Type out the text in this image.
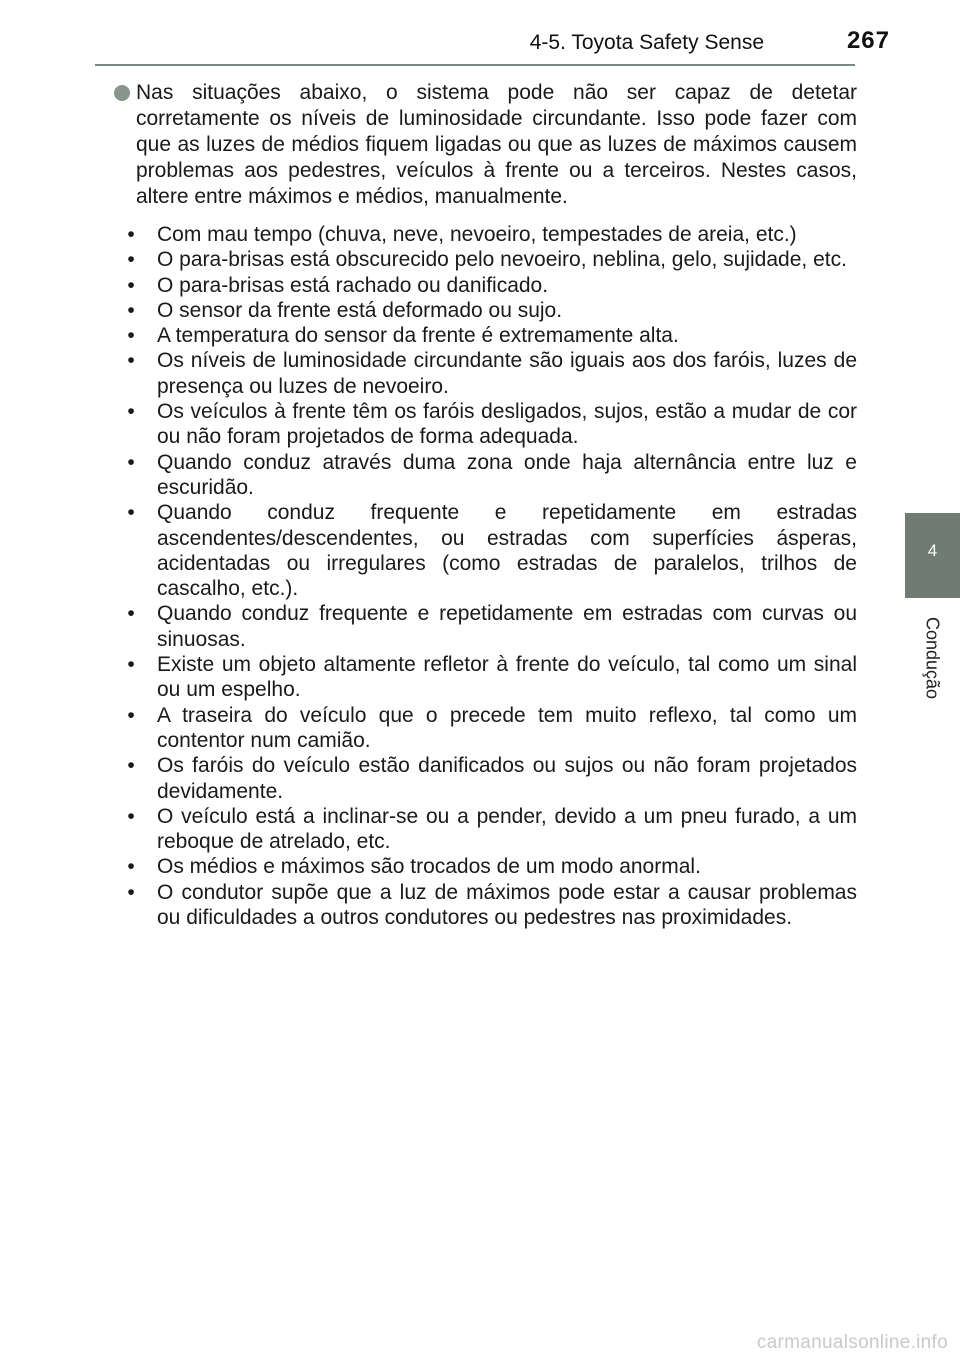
4-5. Toyota Safety Sense	267
4
Condução
Nas situações abaixo, o sistema pode não ser capaz de detetar corretamente os níveis de luminosidade circundante. Isso pode fazer com que as luzes de médios fiquem ligadas ou que as luzes de máximos causem problemas aos pedestres, veículos à frente ou a terceiros. Nestes casos, altere entre máximos e médios, manualmente.
•	Com mau tempo (chuva, neve, nevoeiro, tempestades de areia, etc.)
•	O para-brisas está obscurecido pelo nevoeiro, neblina, gelo, sujidade, etc.
•	O para-brisas está rachado ou danificado.
•	O sensor da frente está deformado ou sujo.
•	A temperatura do sensor da frente é extremamente alta.
•	Os níveis de luminosidade circundante são iguais aos dos faróis, luzes de presença ou luzes de nevoeiro.
•	Os veículos à frente têm os faróis desligados, sujos, estão a mudar de cor ou não foram projetados de forma adequada.
•	Quando conduz através duma zona onde haja alternância entre luz e escuridão.
•	Quando conduz frequente e repetidamente em estradas ascendentes/descendentes, ou estradas com superfícies ásperas, acidentadas ou irregulares (como estradas de paralelos, trilhos de cascalho, etc.).
•	Quando conduz frequente e repetidamente em estradas com curvas ou sinuosas.
•	Existe um objeto altamente refletor à frente do veículo, tal como um sinal ou um espelho.
•	A traseira do veículo que o precede tem muito reflexo, tal como um contentor num camião.
•	Os faróis do veículo estão danificados ou sujos ou não foram projetados devidamente.
•	O veículo está a inclinar-se ou a pender, devido a um pneu furado, a um reboque de atrelado, etc.
•	Os médios e máximos são trocados de um modo anormal.
•	O condutor supõe que a luz de máximos pode estar a causar problemas ou dificuldades a outros condutores ou pedestres nas proximidades.
carmanualsonline.info
